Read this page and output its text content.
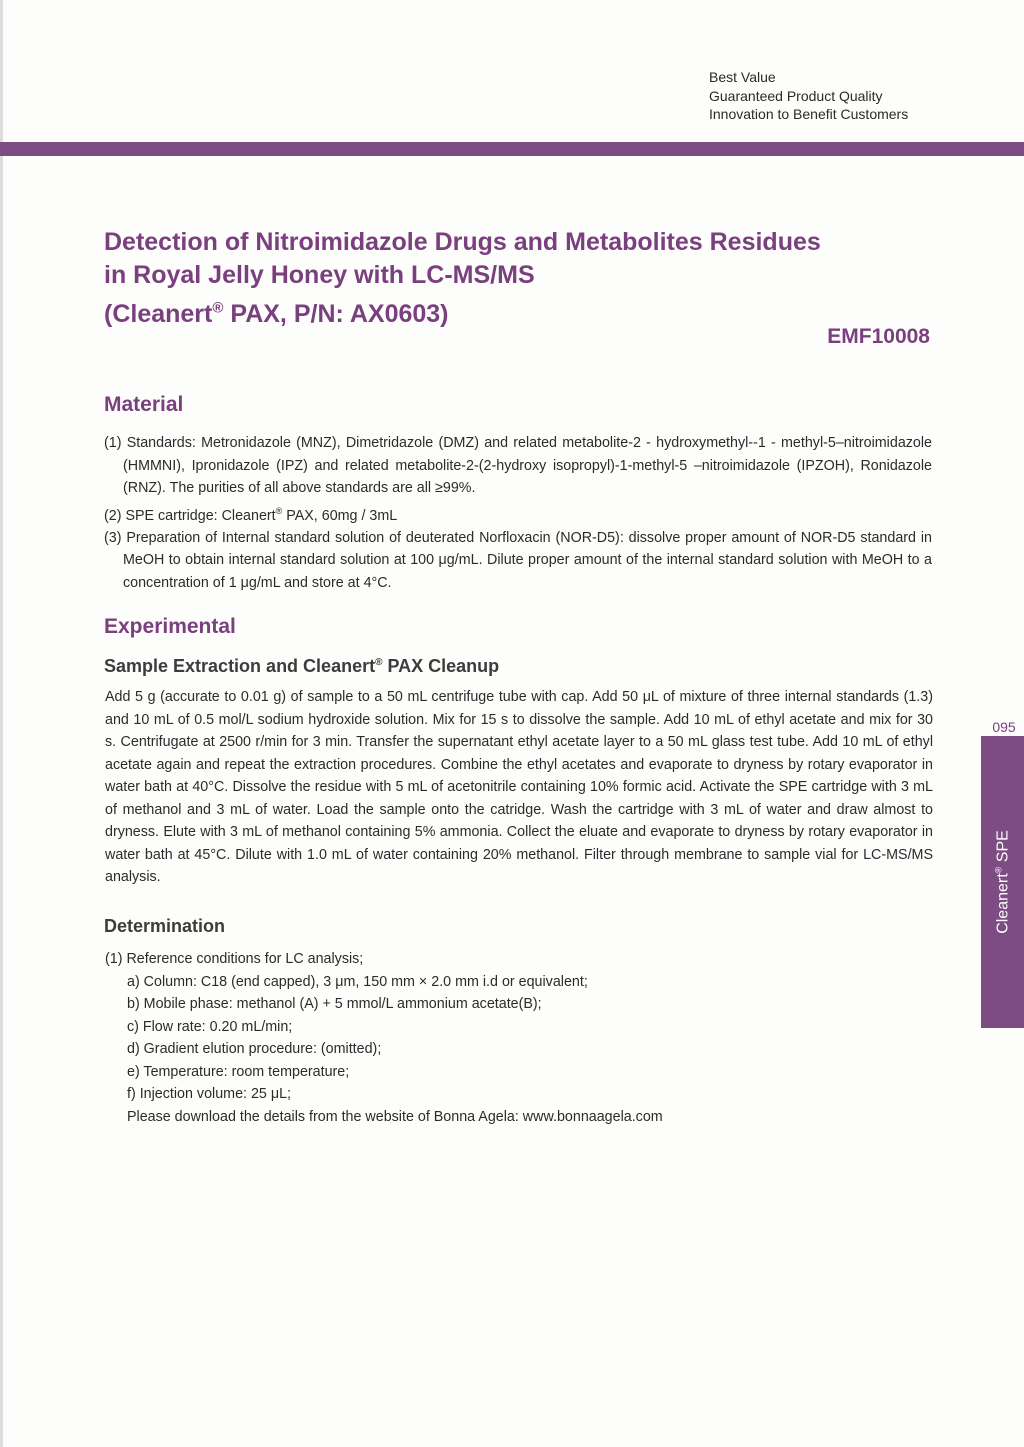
Best Value
Guaranteed Product Quality
Innovation to Benefit Customers
Detection of Nitroimidazole Drugs and Metabolites Residues
in Royal Jelly Honey with LC-MS/MS
(Cleanert® PAX, P/N: AX0603)
EMF10008
Material
(1) Standards: Metronidazole (MNZ), Dimetridazole (DMZ) and related metabolite-2 - hydroxymethyl--1 - methyl-5–nitroimidazole (HMMNI), Ipronidazole (IPZ) and related metabolite-2-(2-hydroxy isopropyl)-1-methyl-5 –nitroimidazole (IPZOH), Ronidazole (RNZ). The purities of all above standards are all ≥99%.
(2) SPE cartridge: Cleanert® PAX, 60mg / 3mL
(3) Preparation of Internal standard solution of deuterated Norfloxacin (NOR-D5): dissolve proper amount of NOR-D5 standard in MeOH to obtain internal standard solution at 100 μg/mL. Dilute proper amount of the internal standard solution with MeOH to a concentration of 1 μg/mL and store at 4°C.
Experimental
Sample Extraction and Cleanert® PAX Cleanup

Add 5 g (accurate to 0.01 g) of sample to a 50 mL centrifuge tube with cap. Add 50 μL of mixture of three internal standards (1.3) and 10 mL of 0.5 mol/L sodium hydroxide solution. Mix for 15 s to dissolve the sample. Add 10 mL of ethyl acetate and mix for 30 s. Centrifugate at 2500 r/min for 3 min. Transfer the supernatant ethyl acetate layer to a 50 mL glass test tube. Add 10 mL of ethyl acetate again and repeat the extraction procedures. Combine the ethyl acetates and evaporate to dryness by rotary evaporator in water bath at 40°C. Dissolve the residue with 5 mL of acetonitrile containing 10% formic acid. Activate the SPE cartridge with 3 mL of methanol and 3 mL of water. Load the sample onto the catridge. Wash the cartridge with 3 mL of water and draw almost to dryness. Elute with 3 mL of methanol containing 5% ammonia. Collect the eluate and evaporate to dryness by rotary evaporator in water bath at 45°C. Dilute with 1.0 mL of water containing 20% methanol. Filter through membrane to sample vial for LC-MS/MS analysis.

Determination
(1) Reference conditions for LC analysis;
a) Column: C18 (end capped), 3 μm, 150 mm × 2.0 mm i.d or equivalent;
b) Mobile phase: methanol (A) + 5 mmol/L ammonium acetate(B);
c) Flow rate: 0.20 mL/min;
d) Gradient elution procedure: (omitted);
e) Temperature: room temperature;
f) Injection volume: 25 μL;
Please download the details from the website of Bonna Agela: www.bonnaagela.com
095
Cleanert® SPE
